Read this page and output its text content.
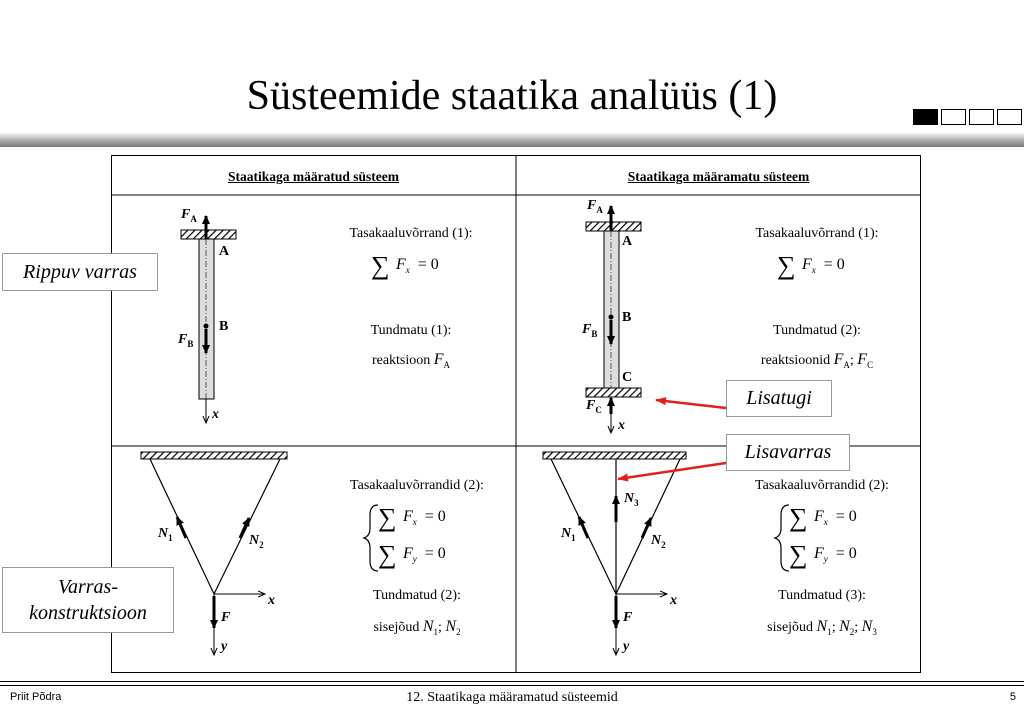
Süsteemide staatika analüüs (1)
∑	∑
∑
∑
∑
∑
Staatikaga määratud süsteem	Staatikaga määramatu süsteem
Rippuv varras
Varras-
konstruktsioon
Lisatugi
Lisavarras
$F_A$
A
B
$F_B$
x
Tasakaaluvõrrand (1):
$F_x = 0$
Tundmatu (1):
reaktsioon $F_A$
$F_A$
A
B
$F_B$
C
$F_C$
x
Tasakaaluvõrrand (1):
$F_x = 0$
Tundmatud (2):
reaktsioonid $F_A$; $F_C$
$N_1$	$N_2$
x
F
y
Tasakaaluvõrrandid (2):
$F_x = 0$
$F_y = 0$
Tundmatud (2):
sisejõud $N_1$; $N_2$
$N_3$
$N_1$	$N_2$
x
F
y
Tasakaaluvõrrandid (2):
$F_x = 0$
$F_y = 0$
Tundmatud (3):
sisejõud $N_1$; $N_2$; $N_3$
Priit Põdra	12. Staatikaga määramatud süsteemid	5
